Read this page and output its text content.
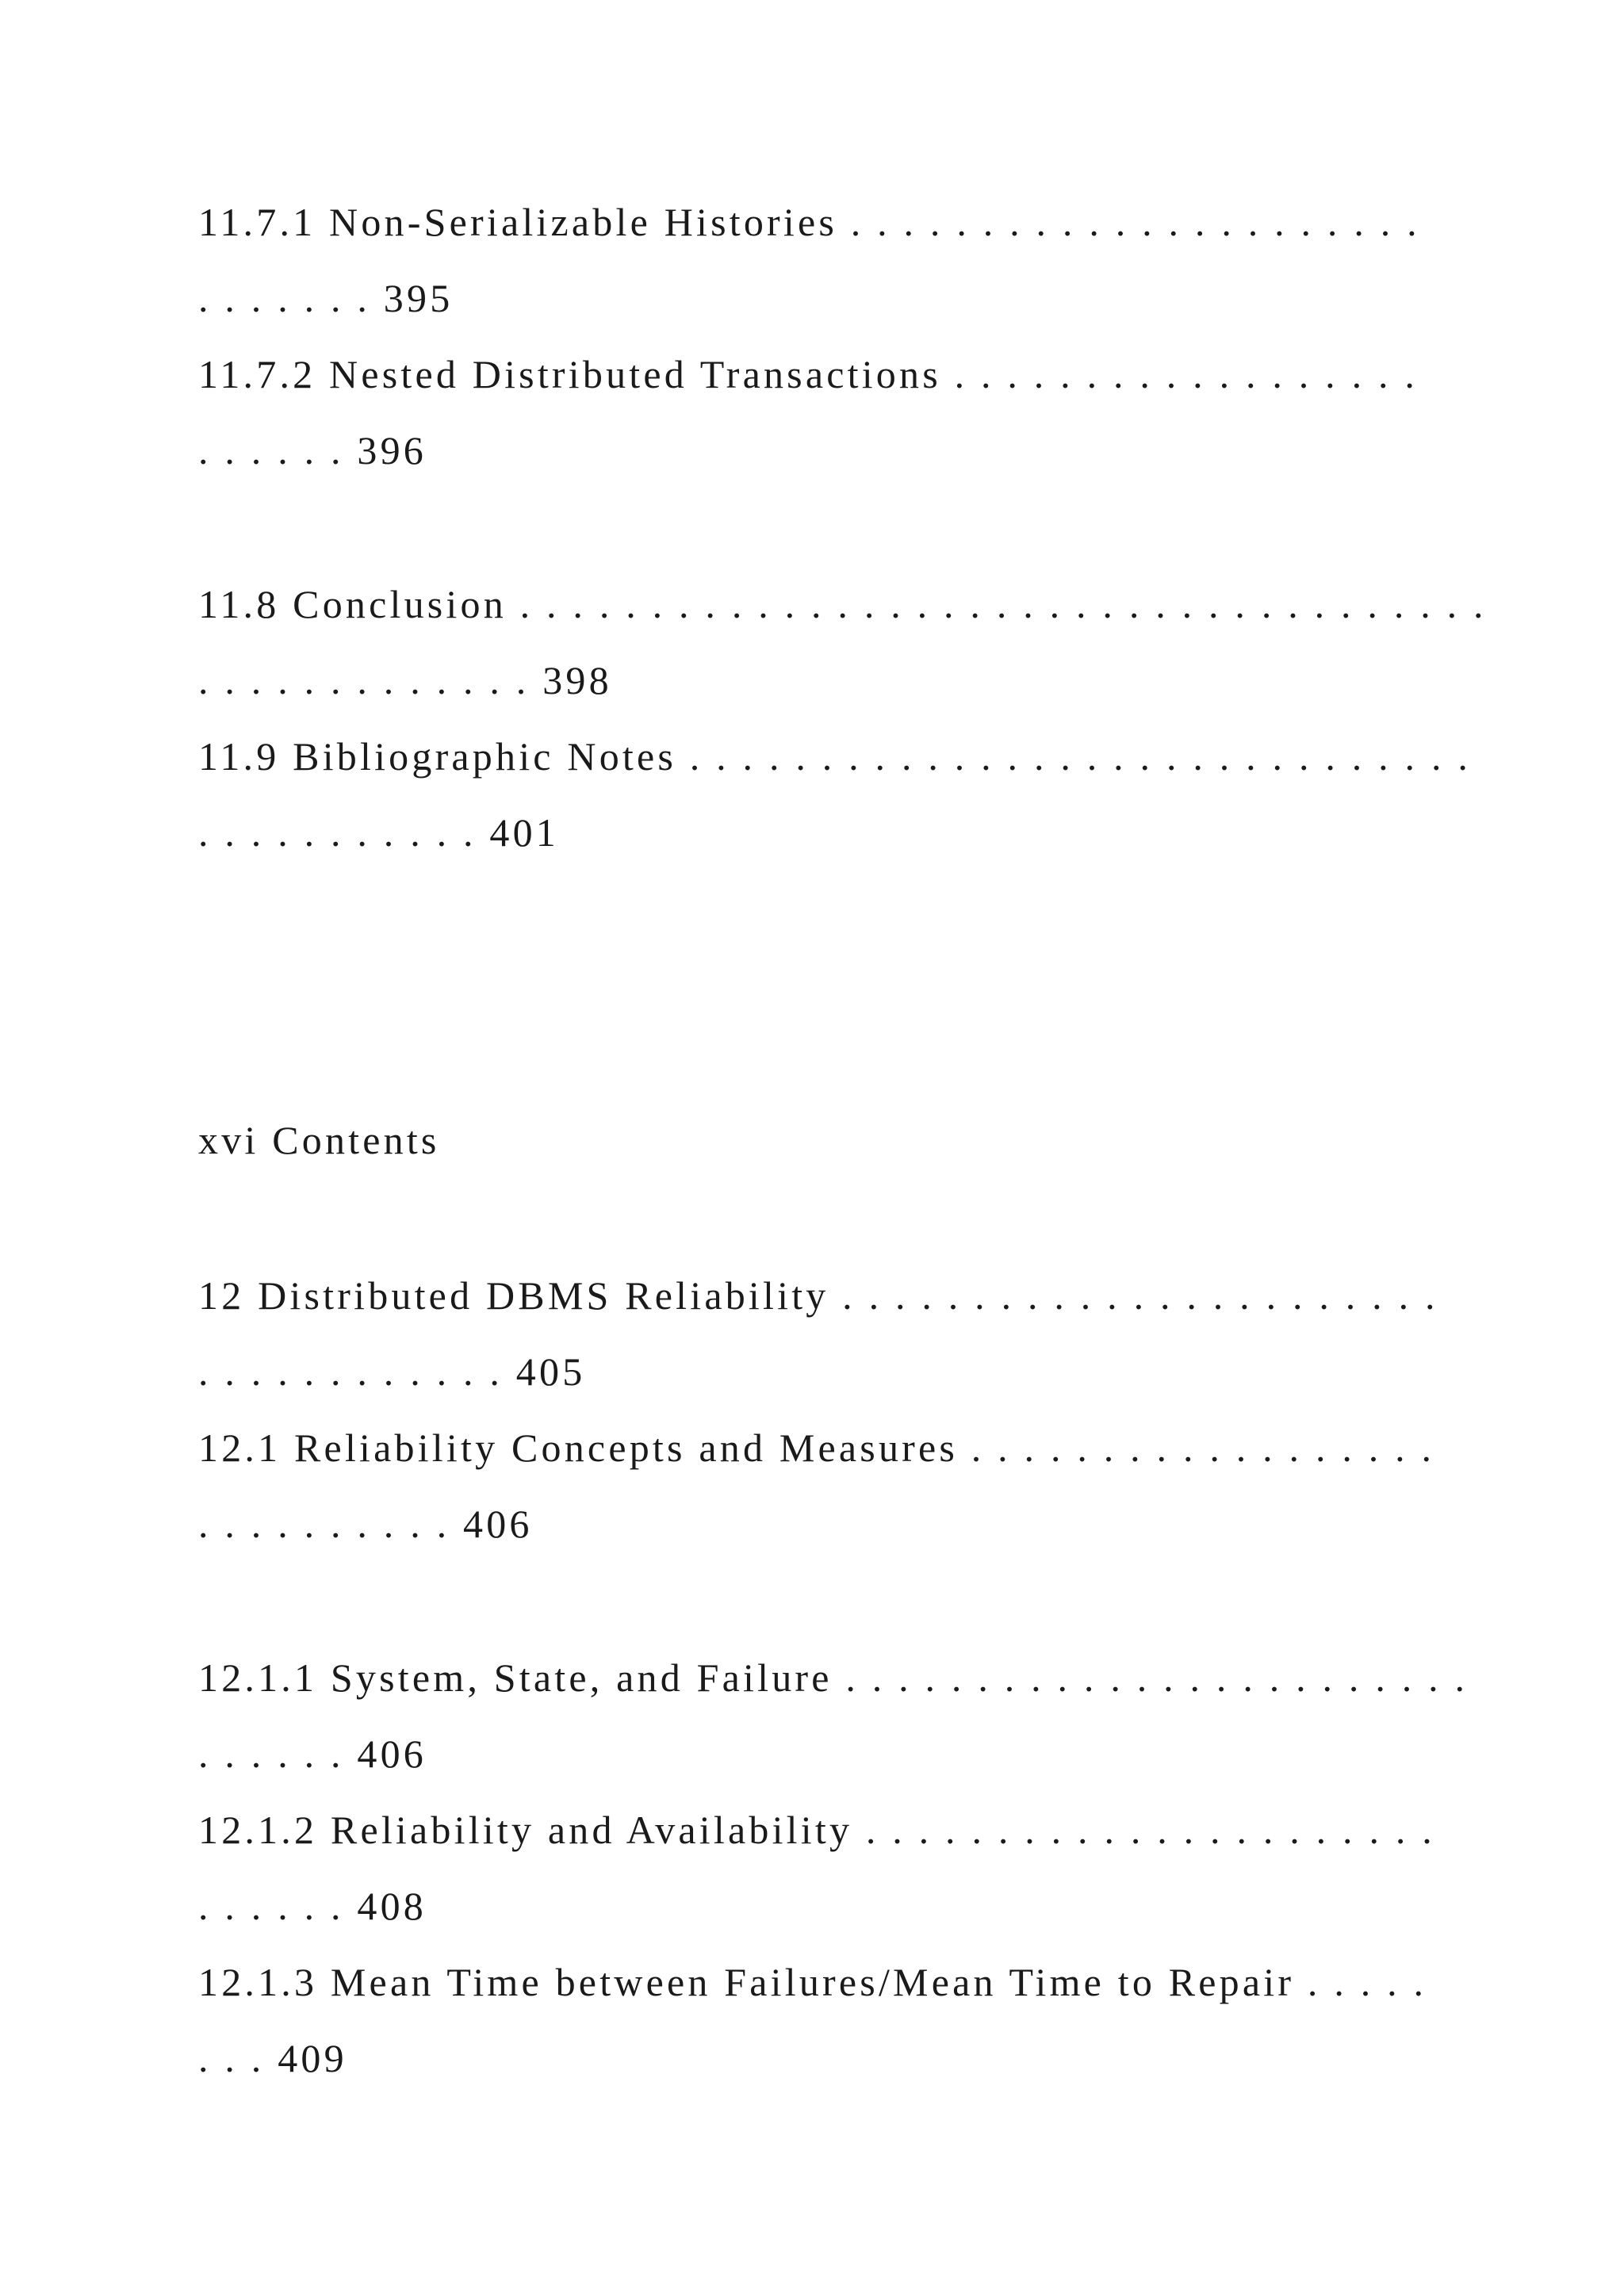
11.7.1 Non-Serializable Histories . . . . . . . . . . . . . . . . . . . . . .
. . . . . . . 395
11.7.2 Nested Distributed Transactions . . . . . . . . . . . . . . . . . .
. . . . . . 396
11.8 Conclusion . . . . . . . . . . . . . . . . . . . . . . . . . . . . . . . . . . . . .
. . . . . . . . . . . . . 398
11.9 Bibliographic Notes . . . . . . . . . . . . . . . . . . . . . . . . . . . . . .
. . . . . . . . . . . 401
xvi Contents
12 Distributed DBMS Reliability . . . . . . . . . . . . . . . . . . . . . . .
. . . . . . . . . . . . 405
12.1 Reliability Concepts and Measures . . . . . . . . . . . . . . . . . .
. . . . . . . . . . 406
12.1.1 System, State, and Failure . . . . . . . . . . . . . . . . . . . . . . . .
. . . . . . 406
12.1.2 Reliability and Availability . . . . . . . . . . . . . . . . . . . . . .
. . . . . . 408
12.1.3 Mean Time between Failures/Mean Time to Repair . . . . .
. . . 409
